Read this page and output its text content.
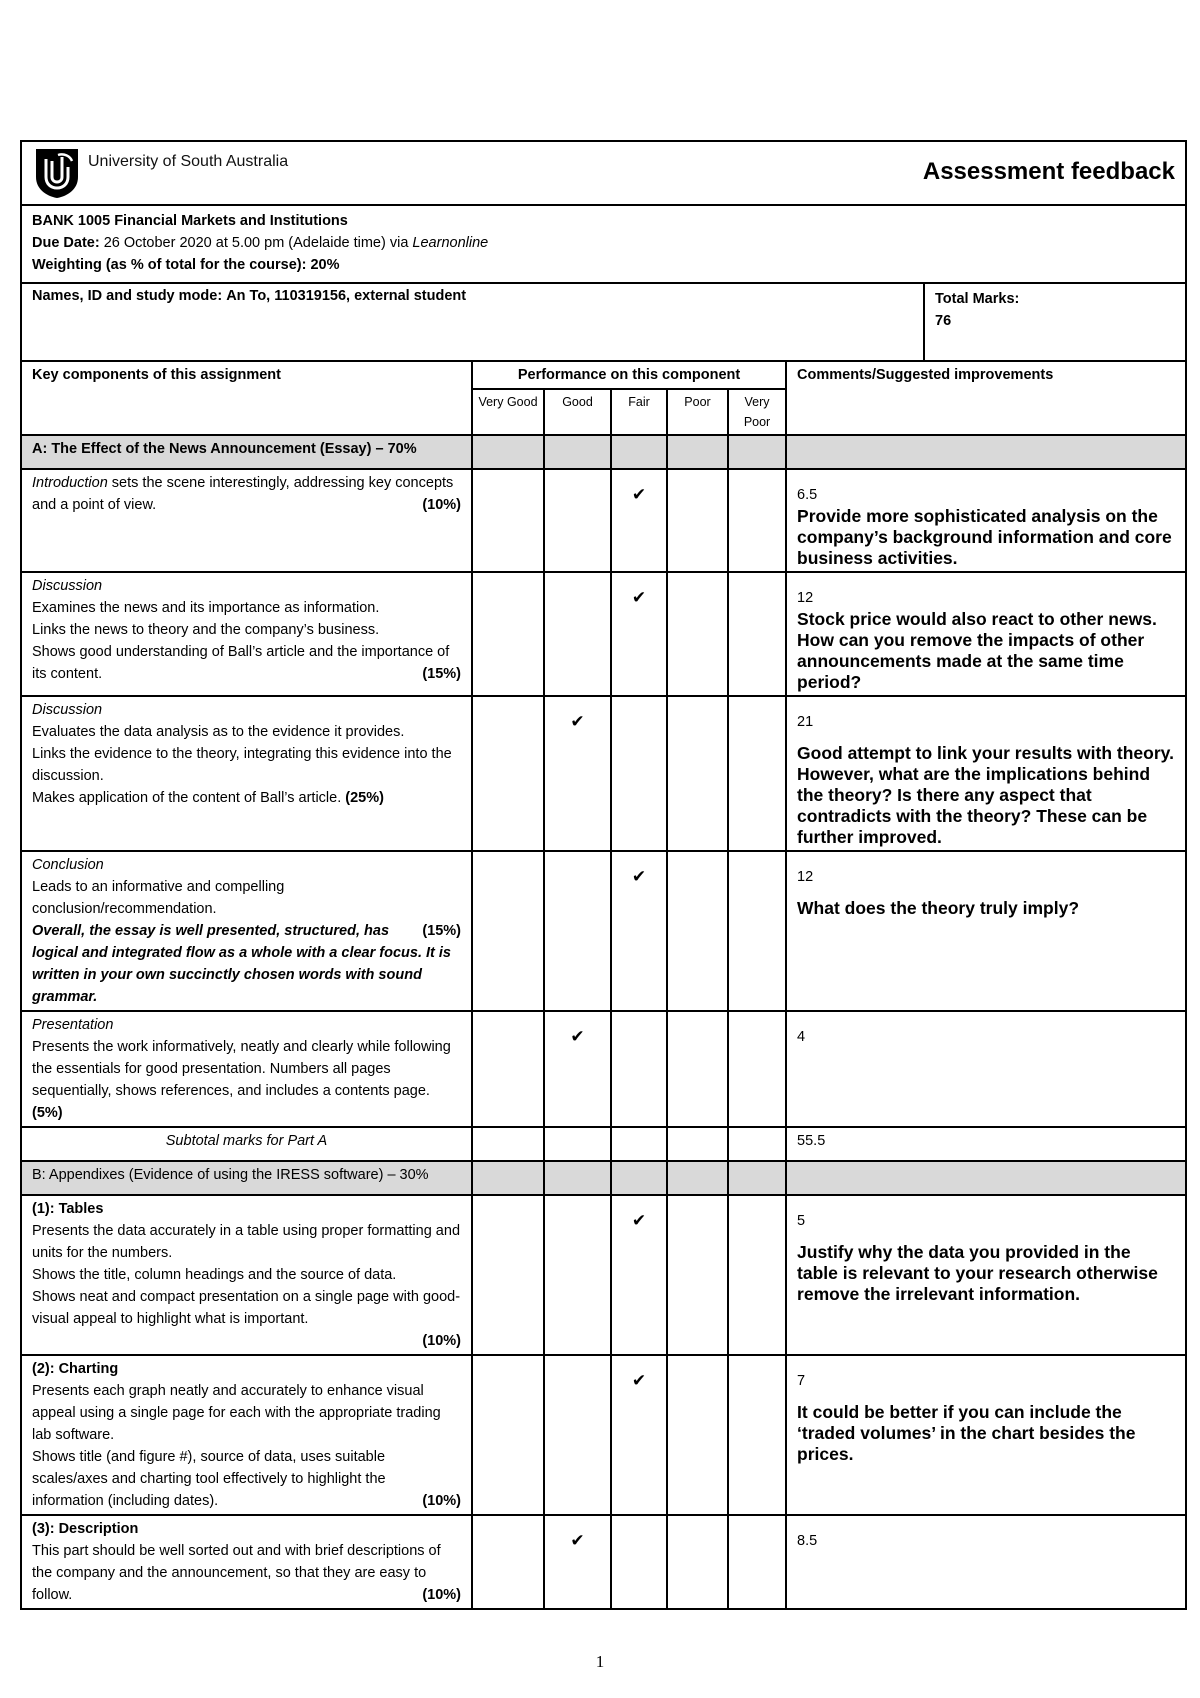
University of South Australia	Assessment feedback
BANK 1005 Financial Markets and Institutions
Due Date: 26 October 2020 at 5.00 pm (Adelaide time) via Learnonline
Weighting (as % of total for the course): 20%
Names, ID and study mode: An To, 110319156, external student	Total Marks:
76
Key components of this assignment	Performance on this component					Comments/Suggested improvements
	Very Good	Good	Fair	Poor	Very Poor	
A: The Effect of the News Announcement (Essay) – 70%						
Introduction sets the scene interestingly, addressing key concepts and a point of view. (10%)			✔			6.5
Provide more sophisticated analysis on the company’s background information and core business activities.

Discussion
Examines the news and its importance as information.
Links the news to theory and the company’s business.
Shows good understanding of Ball’s article and the importance of its content. (15%)			✔			12
Stock price would also react to other news. How can you remove the impacts of other announcements made at the same time period?

Discussion
Evaluates the data analysis as to the evidence it provides.
Links the evidence to the theory, integrating this evidence into the discussion.
Makes application of the content of Ball’s article. (25%)		✔				21
Good attempt to link your results with theory. However, what are the implications behind the theory? Is there any aspect that contradicts with the theory? These can be further improved.

Conclusion
Leads to an informative and compelling conclusion/recommendation.
(15%)

Overall, the essay is well presented, structured, has logical and integrated flow as a whole with a clear focus. It is written in your own succinctly chosen words with sound grammar.			✔			12
What does the theory truly imply?

Presentation
Presents the work informatively, neatly and clearly while following the essentials for good presentation. Numbers all pages sequentially, shows references, and includes a contents page. (5%)		✔				4

Subtotal marks for Part A						55.5
B: Appendixes (Evidence of using the IRESS software) – 30%						
(1): Tables
Presents the data accurately in a table using proper formatting and units for the numbers.
Shows the title, column headings and the source of data.
Shows neat and compact presentation on a single page with good-visual appeal to highlight what is important.

(10%)			✔			5
Justify why the data you provided in the table is relevant to your research otherwise remove the irrelevant information.

(2): Charting
Presents each graph neatly and accurately to enhance visual appeal using a single page for each with the appropriate trading lab software.
Shows title (and figure #), source of data, uses suitable scales/axes and charting tool effectively to highlight the information (including dates). (10%)			✔			7
It could be better if you can include the ‘traded volumes’ in the chart besides the prices.

(3): Description
This part should be well sorted out and with brief descriptions of the company and the announcement, so that they are easy to follow. (10%)		✔				8.5
1
